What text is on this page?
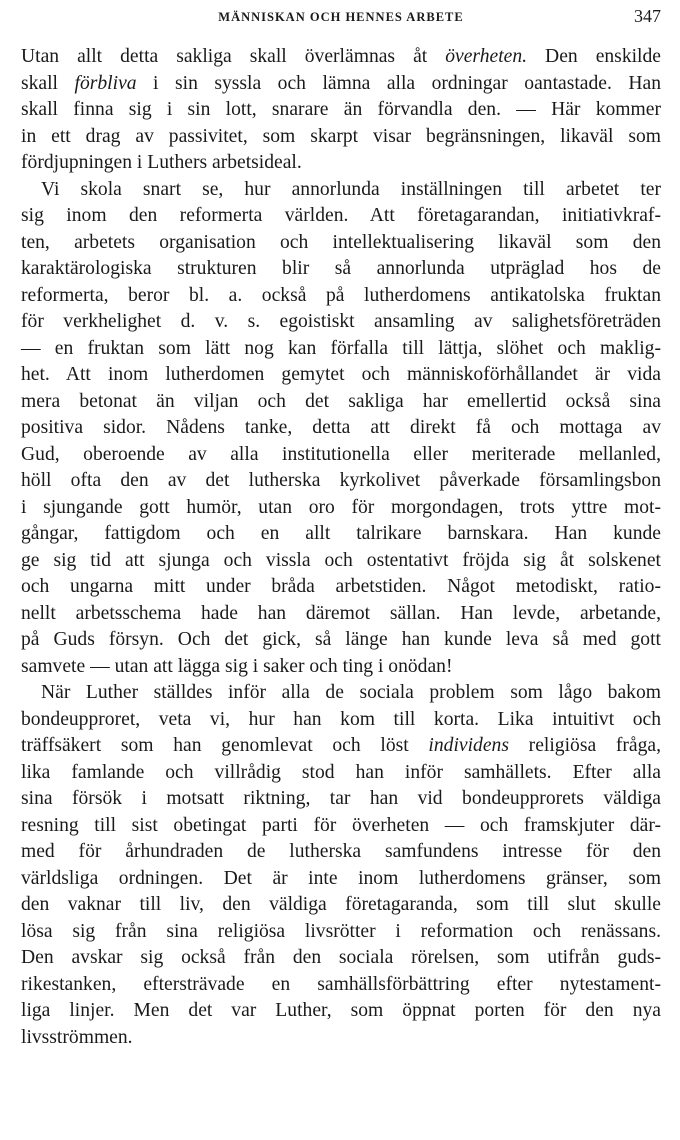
MÄNNISKAN OCH HENNES ARBETE	347
Utan allt detta sakliga skall överlämnas åt överheten. Den enskilde
skall förbliva i sin syssla och lämna alla ordningar oantastade. Han
skall finna sig i sin lott, snarare än förvandla den. — Här kommer
in ett drag av passivitet, som skarpt visar begränsningen, likaväl som
fördjupningen i Luthers arbetsideal.
Vi skola snart se, hur annorlunda inställningen till arbetet ter
sig inom den reformerta världen. Att företagarandan, initiativkraf-
ten, arbetets organisation och intellektualisering likaväl som den
karaktärologiska strukturen blir så annorlunda utpräglad hos de
reformerta, beror bl. a. också på lutherdomens antikatolska fruktan
för verkhelighet d. v. s. egoistiskt ansamling av salighetsföreträden
— en fruktan som lätt nog kan förfalla till lättja, slöhet och maklig-
het. Att inom lutherdomen gemytet och människoförhållandet är vida
mera betonat än viljan och det sakliga har emellertid också sina
positiva sidor. Nådens tanke, detta att direkt få och mottaga av
Gud, oberoende av alla institutionella eller meriterade mellanled,
höll ofta den av det lutherska kyrkolivet påverkade församlingsbon
i sjungande gott humör, utan oro för morgondagen, trots yttre mot-
gångar, fattigdom och en allt talrikare barnskara. Han kunde
ge sig tid att sjunga och vissla och ostentativt fröjda sig åt solskenet
och ungarna mitt under bråda arbetstiden. Något metodiskt, ratio-
nellt arbetsschema hade han däremot sällan. Han levde, arbetande,
på Guds försyn. Och det gick, så länge han kunde leva så med gott
samvete — utan att lägga sig i saker och ting i onödan!
När Luther ställdes inför alla de sociala problem som lågo bakom
bondeupproret, veta vi, hur han kom till korta. Lika intuitivt och
träffsäkert som han genomlevat och löst individens religiösa fråga,
lika famlande och villrådig stod han inför samhällets. Efter alla
sina försök i motsatt riktning, tar han vid bondeupprorets väldiga
resning till sist obetingat parti för överheten — och framskjuter där-
med för århundraden de lutherska samfundens intresse för den
världsliga ordningen. Det är inte inom lutherdomens gränser, som
den vaknar till liv, den väldiga företagaranda, som till slut skulle
lösa sig från sina religiösa livsrötter i reformation och renässans.
Den avskar sig också från den sociala rörelsen, som utifrån guds-
rikestanken, eftersträvade en samhällsförbättring efter nytestament-
liga linjer. Men det var Luther, som öppnat porten för den nya
livsströmmen.
